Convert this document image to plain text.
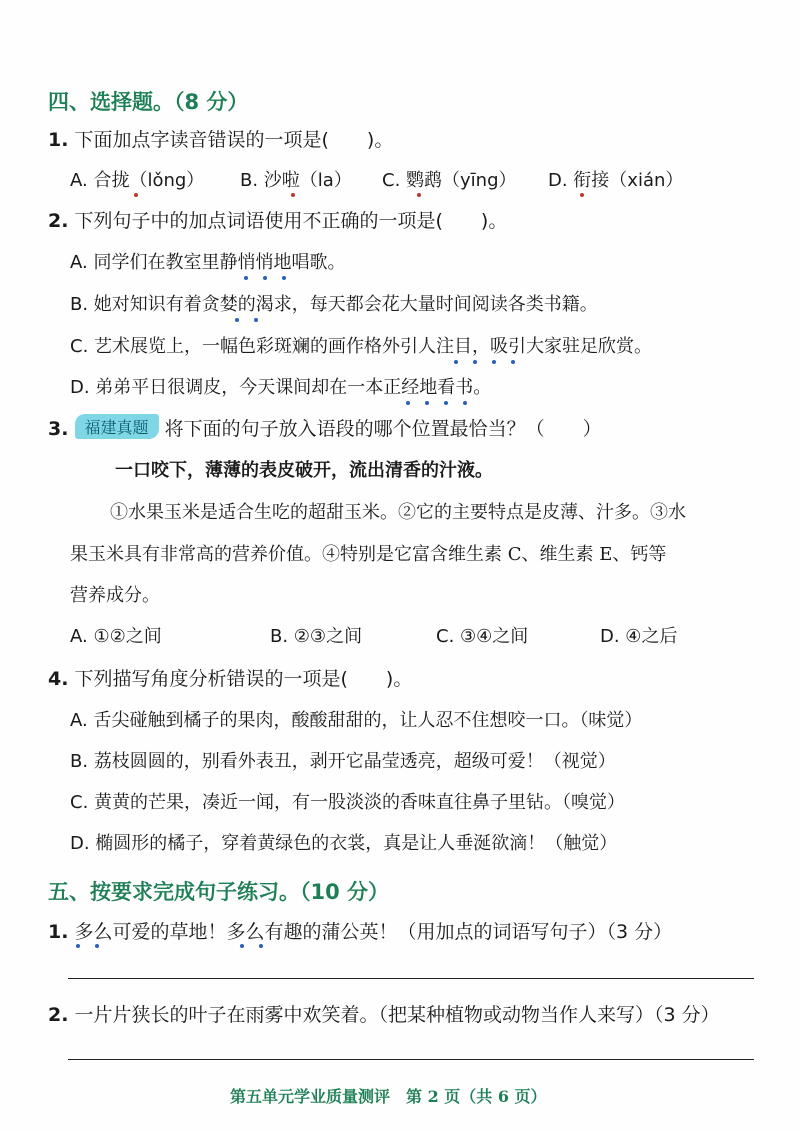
四、选择题。（8 分）
1. 下面加点字读音错误的一项是(　　)。
A. 合拢（lǒng） B. 沙啦（la） C. 鹦鹉（yīng） D. 衔接（xián）
2. 下列句子中的加点词语使用不正确的一项是(　　)。
A. 同学们在教室里静悄悄地唱歌。
B. 她对知识有着贪婪的渴求，每天都会花大量时间阅读各类书籍。
C. 艺术展览上，一幅色彩斑斓的画作格外引人注目，吸引大家驻足欣赏。
D. 弟弟平日很调皮，今天课间却在一本正经地看书。
3. 福建真题 将下面的句子放入语段的哪个位置最恰当？（　　）
一口咬下，薄薄的表皮破开，流出清香的汁液。
①水果玉米是适合生吃的超甜玉米。②它的主要特点是皮薄、汁多。③水
果玉米具有非常高的营养价值。④特别是它富含维生素 C、维生素 E、钙等
营养成分。
A. ①②之间	B. ②③之间	C. ③④之间	D. ④之后
4. 下列描写角度分析错误的一项是(　　)。
A. 舌尖碰触到橘子的果肉，酸酸甜甜的，让人忍不住想咬一口。（味觉）
B. 荔枝圆圆的，别看外表丑，剥开它晶莹透亮，超级可爱！（视觉）
C. 黄黄的芒果，凑近一闻，有一股淡淡的香味直往鼻子里钻。（嗅觉）
D. 椭圆形的橘子，穿着黄绿色的衣裳，真是让人垂涎欲滴！（触觉）
五、按要求完成句子练习。（10 分）
1. 多么可爱的草地！多么有趣的蒲公英！（用加点的词语写句子）（3 分）
2. 一片片狭长的叶子在雨雾中欢笑着。（把某种植物或动物当作人来写）（3 分）
第五单元学业质量测评　第 2 页（共 6 页）
